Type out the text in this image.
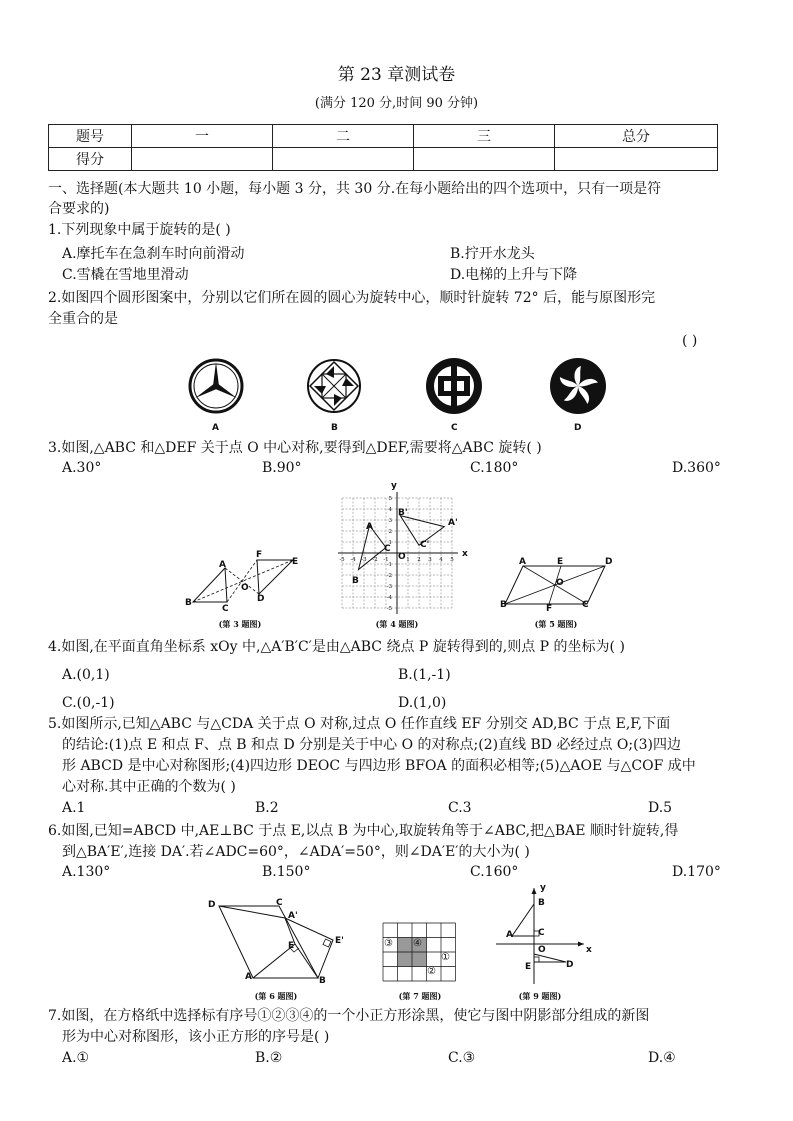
第 23 章测试卷
(满分 120 分,时间 90 分钟)
题号	一	二	三	总分
得分				
一、选择题(本大题共 10 小题，每小题 3 分，共 30 分.在每小题给出的四个选项中，只有一项是符
合要求的)
1.下列现象中属于旋转的是( )
A.摩托车在急刹车时向前滑动	B.拧开水龙头
C.雪橇在雪地里滑动	D.电梯的上升与下降
2.如图四个圆形图案中，分别以它们所在圆的圆心为旋转中心，顺时针旋转 72° 后，能与原图形完
全重合的是
( )
A	B	C	D
3.如图,△ABC 和△DEF 关于点 O 中心对称,要得到△DEF,需要将△ABC 旋转( )
A.30°	B.90°	C.180°	D.360°
A
B
C
O
D
E
F
(第 3 题图)
-5 -4 -3 -2 -1	1 2 3 4 5
5
4
3
2
1
-1
-2
-3
-4
-5
y
x
O
A
B
C
A'
B'
C'
(第 4 题图)
A	E	D
O
B	F	C
(第 5 题图)
4.如图,在平面直角坐标系 xOy 中,△A′B′C′是由△ABC 绕点 P 旋转得到的,则点 P 的坐标为( )
A.(0,1)	B.(1,-1)
C.(0,-1)	D.(1,0)
5.如图所示,已知△ABC 与△CDA 关于点 O 对称,过点 O 任作直线 EF 分别交 AD,BC 于点 E,F,下面
的结论:(1)点 E 和点 F、点 B 和点 D 分别是关于中心 O 的对称点;(2)直线 BD 必经过点 O;(3)四边
形 ABCD 是中心对称图形;(4)四边形 DEOC 与四边形 BFOA 的面积必相等;(5)△AOE 与△COF 成中
心对称.其中正确的个数为( )
A.1	B.2	C.3	D.5
6.如图,已知=ABCD 中,AE⊥BC 于点 E,以点 B 为中心,取旋转角等于∠ABC,把△BAE 顺时针旋转,得
到△BA′E′,连接 DA′.若∠ADC=60°，∠ADA′=50°，则∠DA′E′的大小为( )
A.130°	B.150°	C.160°	D.170°
D	C
A'
E	E'
A	B
(第 6 题图)
③ ④
①
②
(第 7 题图)
y
B
A	C
O	x
E	D
(第 9 题图)
7.如图，在方格纸中选择标有序号①②③④的一个小正方形涂黑，使它与图中阴影部分组成的新图
形为中心对称图形，该小正方形的序号是( )
A.①	B.②	C.③	D.④
